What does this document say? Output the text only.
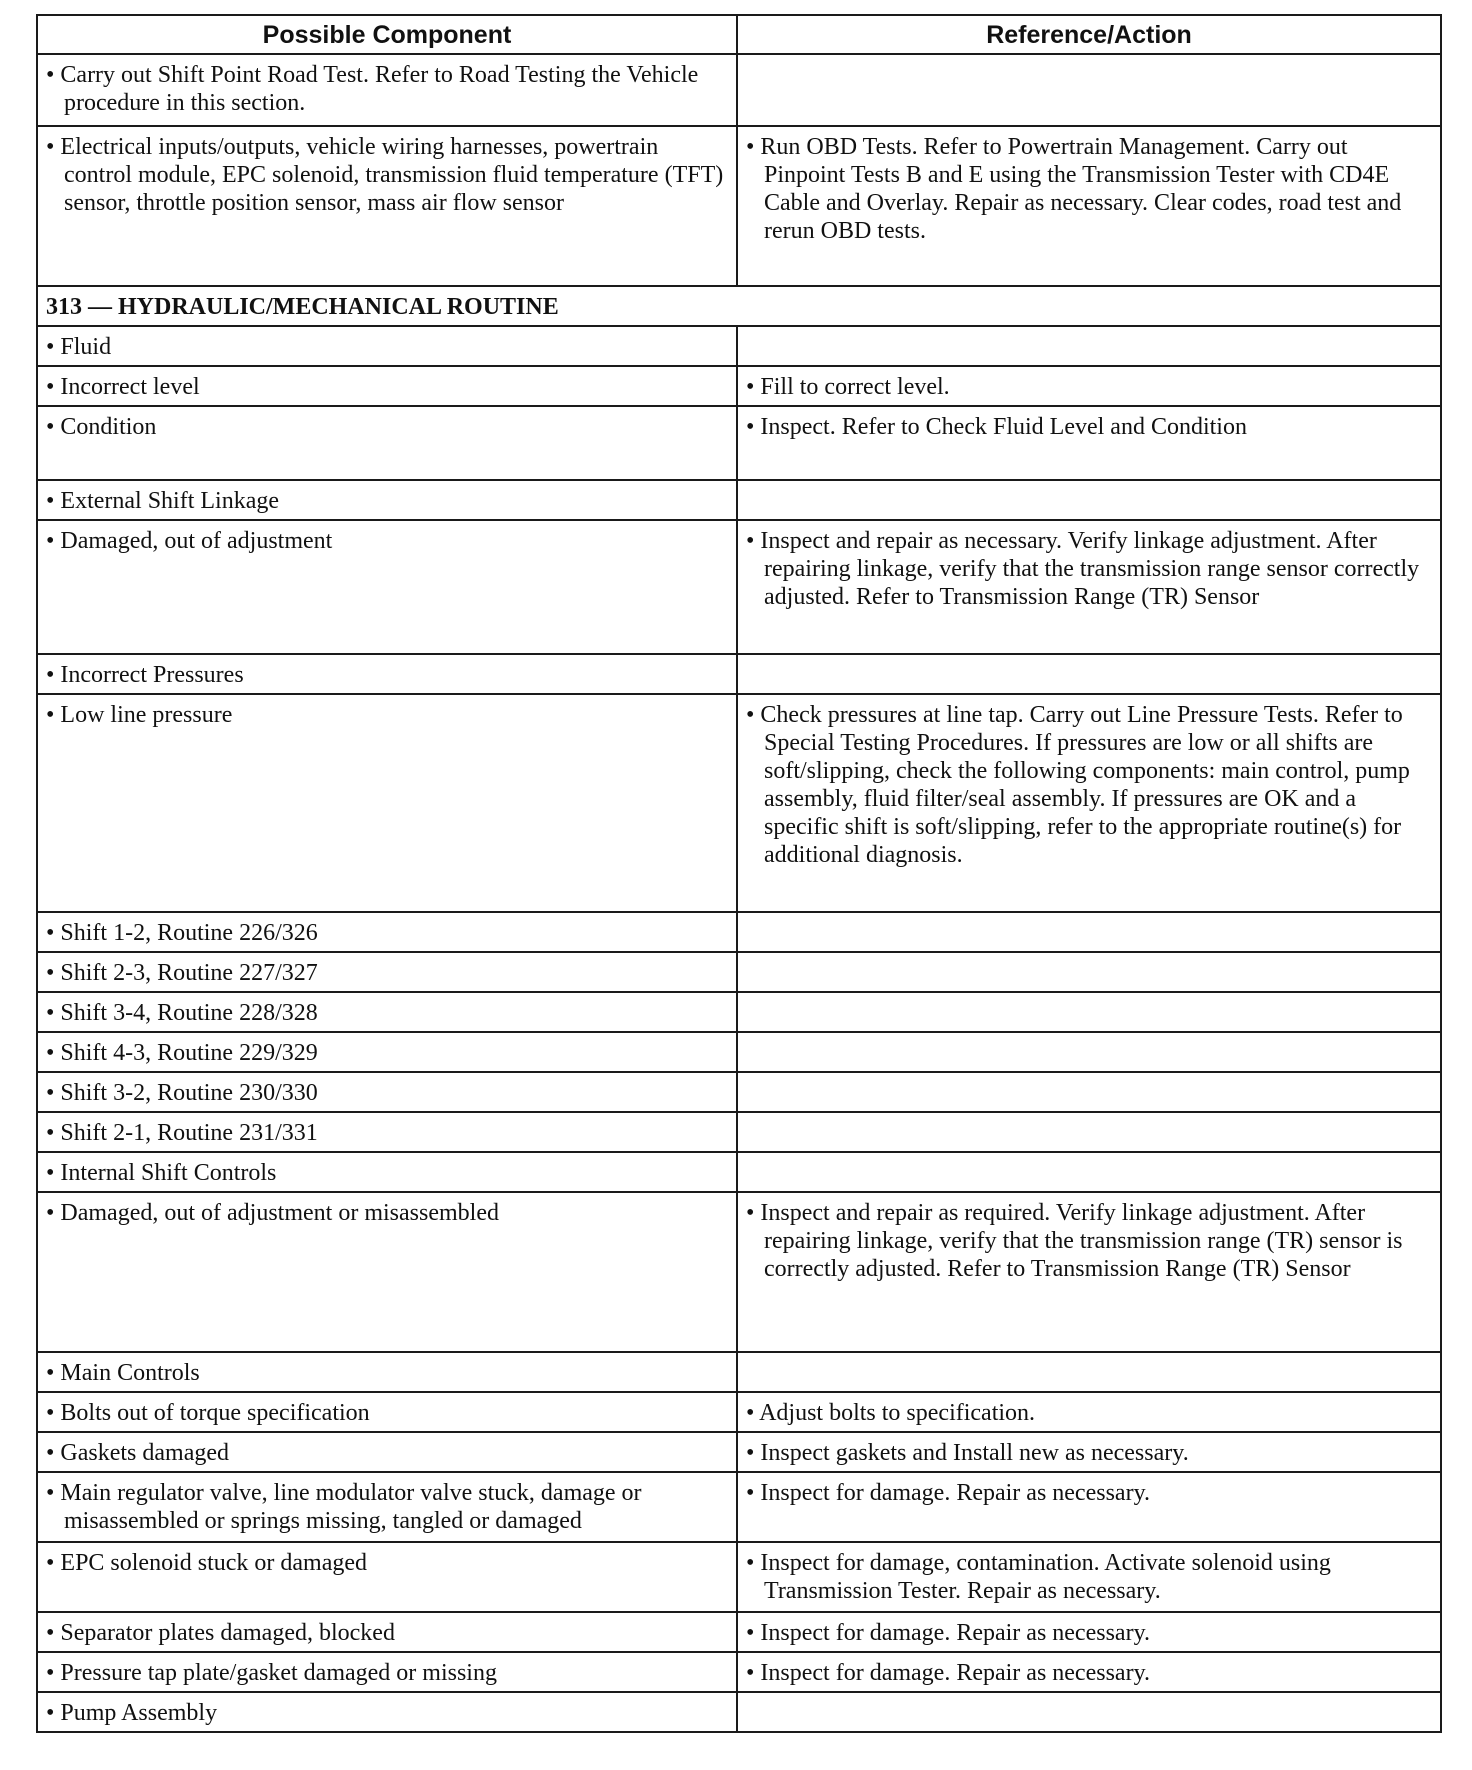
Possible Component	Reference/Action

• Carry out Shift Point Road Test. Refer to Road Testing the Vehicle procedure in this section.	

• Electrical inputs/outputs, vehicle wiring harnesses, powertrain control module, EPC solenoid, transmission fluid temperature (TFT) sensor, throttle position sensor, mass air flow sensor	• Run OBD Tests. Refer to Powertrain Management. Carry out Pinpoint Tests B and E using the Transmission Tester with CD4E Cable and Overlay. Repair as necessary. Clear codes, road test and rerun OBD tests.

313 — HYDRAULIC/MECHANICAL ROUTINE	

• Fluid	

• Incorrect level	• Fill to correct level.

• Condition	• Inspect. Refer to Check Fluid Level and Condition

• External Shift Linkage	

• Damaged, out of adjustment	• Inspect and repair as necessary. Verify linkage adjustment. After repairing linkage, verify that the transmission range sensor correctly adjusted. Refer to Transmission Range (TR) Sensor

• Incorrect Pressures	

• Low line pressure	• Check pressures at line tap. Carry out Line Pressure Tests. Refer to Special Testing Procedures. If pressures are low or all shifts are soft/slipping, check the following components: main control, pump assembly, fluid filter/seal assembly. If pressures are OK and a specific shift is soft/slipping, refer to the appropriate routine(s) for additional diagnosis.

• Shift 1-2, Routine 226/326	

• Shift 2-3, Routine 227/327	

• Shift 3-4, Routine 228/328	

• Shift 4-3, Routine 229/329	

• Shift 3-2, Routine 230/330	

• Shift 2-1, Routine 231/331	

• Internal Shift Controls	

• Damaged, out of adjustment or misassembled	• Inspect and repair as required. Verify linkage adjustment. After repairing linkage, verify that the transmission range (TR) sensor is correctly adjusted. Refer to Transmission Range (TR) Sensor

• Main Controls	

• Bolts out of torque specification	• Adjust bolts to specification.

• Gaskets damaged	• Inspect gaskets and Install new as necessary.

• Main regulator valve, line modulator valve stuck, damage or misassembled or springs missing, tangled or damaged	• Inspect for damage. Repair as necessary.

• EPC solenoid stuck or damaged	• Inspect for damage, contamination. Activate solenoid using Transmission Tester. Repair as necessary.

• Separator plates damaged, blocked	• Inspect for damage. Repair as necessary.

• Pressure tap plate/gasket damaged or missing	• Inspect for damage. Repair as necessary.

• Pump Assembly	
